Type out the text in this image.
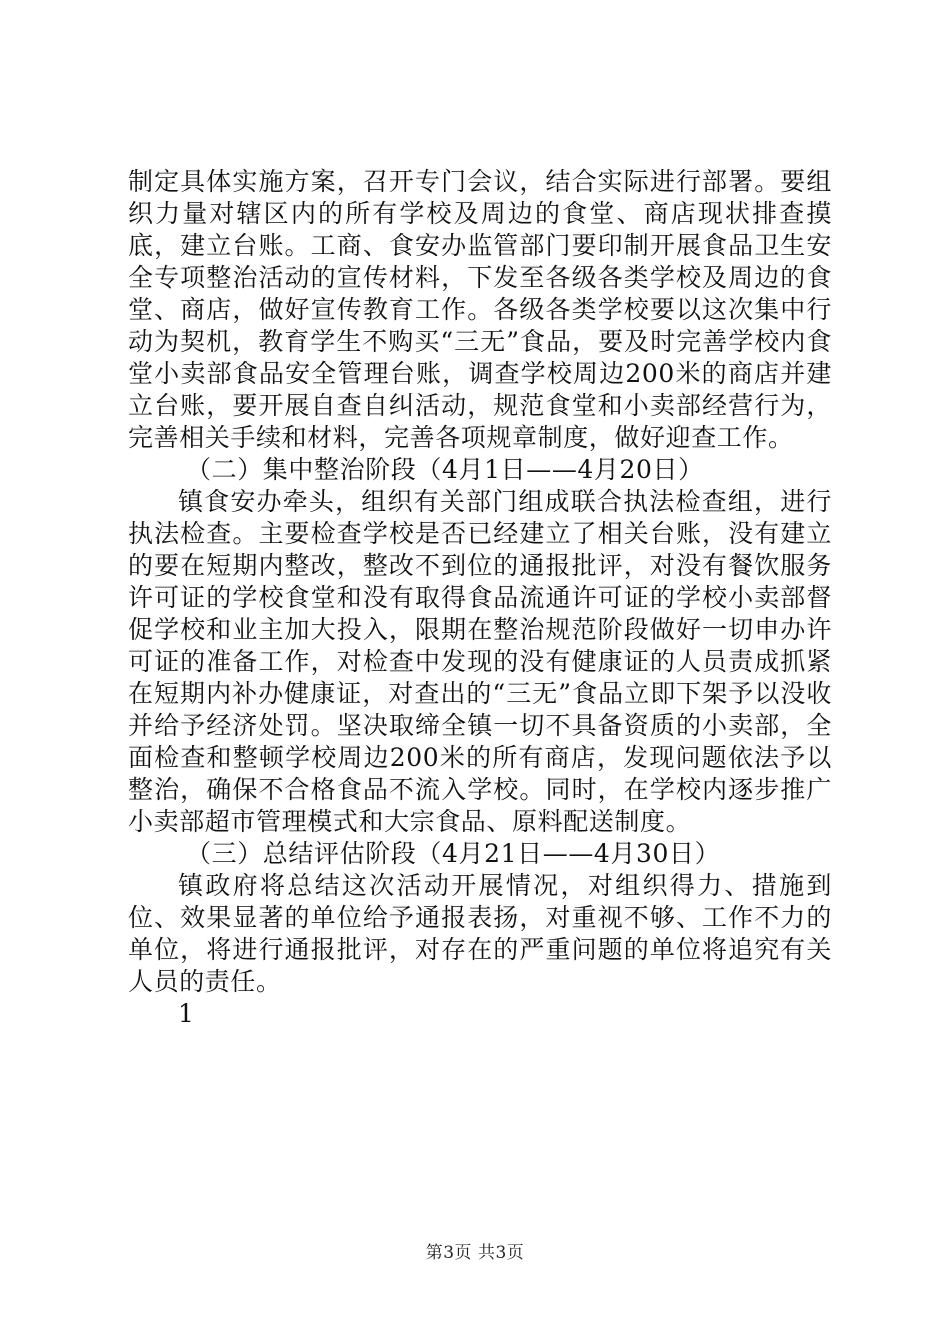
制定具体实施方案，召开专门会议，结合实际进行部署。要组织力量对辖区内的所有学校及周边的食堂、商店现状排查摸底，建立台账。工商、食安办监管部门要印制开展食品卫生安全专项整治活动的宣传材料，下发至各级各类学校及周边的食堂、商店，做好宣传教育工作。各级各类学校要以这次集中行动为契机，教育学生不购买“三无”食品，要及时完善学校内食堂小卖部食品安全管理台账，调查学校周边200米的商店并建立台账，要开展自查自纠活动，规范食堂和小卖部经营行为，完善相关手续和材料，完善各项规章制度，做好迎查工作。

（二）集中整治阶段（4月1日——4月20日）

镇食安办牵头，组织有关部门组成联合执法检查组，进行执法检查。主要检查学校是否已经建立了相关台账，没有建立的要在短期内整改，整改不到位的通报批评，对没有餐饮服务许可证的学校食堂和没有取得食品流通许可证的学校小卖部督促学校和业主加大投入，限期在整治规范阶段做好一切申办许可证的准备工作，对检查中发现的没有健康证的人员责成抓紧在短期内补办健康证，对查出的“三无”食品立即下架予以没收并给予经济处罚。坚决取缔全镇一切不具备资质的小卖部，全面检查和整顿学校周边200米的所有商店，发现问题依法予以整治，确保不合格食品不流入学校。同时，在学校内逐步推广小卖部超市管理模式和大宗食品、原料配送制度。

（三）总结评估阶段（4月21日——4月30日）

镇政府将总结这次活动开展情况，对组织得力、措施到位、效果显著的单位给予通报表扬，对重视不够、工作不力的单位，将进行通报批评，对存在的严重问题的单位将追究有关人员的责任。

1

第3页 共3页
